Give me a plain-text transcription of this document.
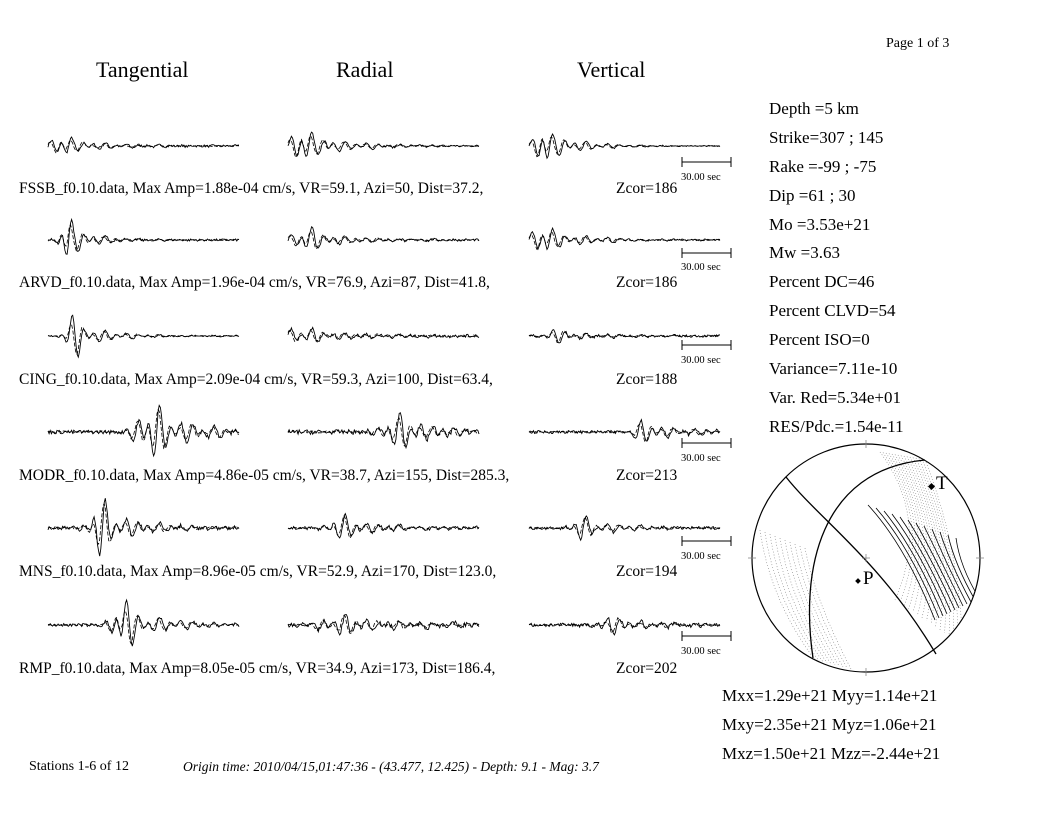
Page 1 of 3
Tangential	Radial	Vertical
FSSB_f0.10.data, Max Amp=1.88e-04 cm/s, VR=59.1, Azi=50, Dist=37.2,	Zcor=186
ARVD_f0.10.data, Max Amp=1.96e-04 cm/s, VR=76.9, Azi=87, Dist=41.8,	Zcor=186
CING_f0.10.data, Max Amp=2.09e-04 cm/s, VR=59.3, Azi=100, Dist=63.4,	Zcor=188
MODR_f0.10.data, Max Amp=4.86e-05 cm/s, VR=38.7, Azi=155, Dist=285.3,	Zcor=213
MNS_f0.10.data, Max Amp=8.96e-05 cm/s, VR=52.9, Azi=170, Dist=123.0,	Zcor=194
RMP_f0.10.data, Max Amp=8.05e-05 cm/s, VR=34.9, Azi=173, Dist=186.4,	Zcor=202
30.00 sec
30.00 sec
30.00 sec
30.00 sec
30.00 sec
30.00 sec
Depth =5 km
Strike=307 ; 145
Rake =-99 ; -75
Dip =61 ; 30
Mo =3.53e+21
Mw =3.63
Percent DC=46
Percent CLVD=54
Percent ISO=0
Variance=7.11e-10
Var. Red=5.34e+01
RES/Pdc.=1.54e-11
Mxx=1.29e+21 Myy=1.14e+21
Mxy=2.35e+21 Myz=1.06e+21
Mxz=1.50e+21 Mzz=-2.44e+21
Stations 1-6 of 12	Origin time: 2010/04/15,01:47:36 - (43.477, 12.425) - Depth: 9.1 - Mag: 3.7
T
P
